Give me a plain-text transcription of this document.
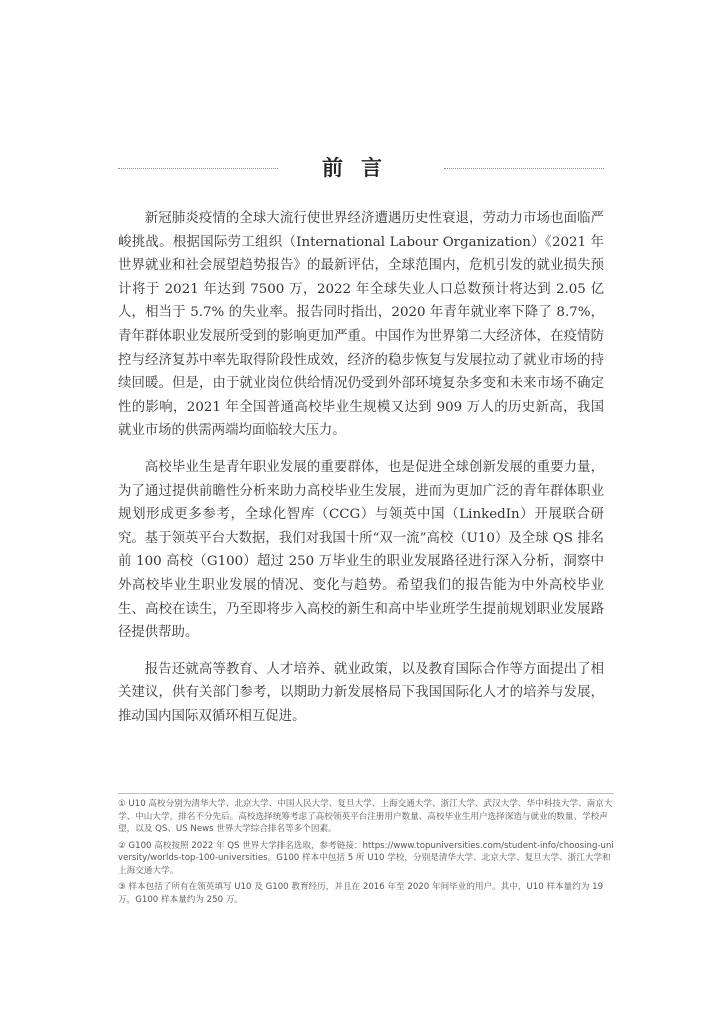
前言

新冠肺炎疫情的全球大流行使世界经济遭遇历史性衰退，劳动力市场也面临严峻挑战。根据国际劳工组织（International Labour Organization）《2021 年世界就业和社会展望趋势报告》的最新评估，全球范围内，危机引发的就业损失预计将于 2021 年达到 7500 万，2022 年全球失业人口总数预计将达到 2.05 亿人，相当于 5.7% 的失业率。报告同时指出，2020 年青年就业率下降了 8.7%，青年群体职业发展所受到的影响更加严重。中国作为世界第二大经济体，在疫情防控与经济复苏中率先取得阶段性成效，经济的稳步恢复与发展拉动了就业市场的持续回暖。但是，由于就业岗位供给情况仍受到外部环境复杂多变和未来市场不确定性的影响，2021 年全国普通高校毕业生规模又达到 909 万人的历史新高，我国就业市场的供需两端均面临较大压力。

高校毕业生是青年职业发展的重要群体，也是促进全球创新发展的重要力量，为了通过提供前瞻性分析来助力高校毕业生发展，进而为更加广泛的青年群体职业规划形成更多参考，全球化智库（CCG）与领英中国（LinkedIn）开展联合研究。基于领英平台大数据，我们对我国十所“双一流”高校（U10）及全球 QS 排名前 100 高校（G100）超过 250 万毕业生的职业发展路径进行深入分析，洞察中外高校毕业生职业发展的情况、变化与趋势。希望我们的报告能为中外高校毕业生、高校在读生，乃至即将步入高校的新生和高中毕业班学生提前规划职业发展路径提供帮助。

报告还就高等教育、人才培养、就业政策，以及教育国际合作等方面提出了相关建议，供有关部门参考，以期助力新发展格局下我国国际化人才的培养与发展，推动国内国际双循环相互促进。

① U10 高校分别为清华大学、北京大学、中国人民大学、复旦大学、上海交通大学、浙江大学、武汉大学、华中科技大学、南京大学、中山大学，排名不分先后。高校选择统筹考虑了高校领英平台注册用户数量、高校毕业生用户选择深造与就业的数量、学校声望，以及 QS、US News 世界大学综合排名等多个因素。

② G100 高校按照 2022 年 QS 世界大学排名选取，参考链接：https://www.topuniversities.com/student-info/choosing-university/worlds-top-100-universities。G100 样本中包括 5 所 U10 学校，分别是清华大学、北京大学、复旦大学、浙江大学和上海交通大学。

③ 样本包括了所有在领英填写 U10 及 G100 教育经历，并且在 2016 年至 2020 年间毕业的用户。其中，U10 样本量约为 19 万，G100 样本量约为 250 万。
